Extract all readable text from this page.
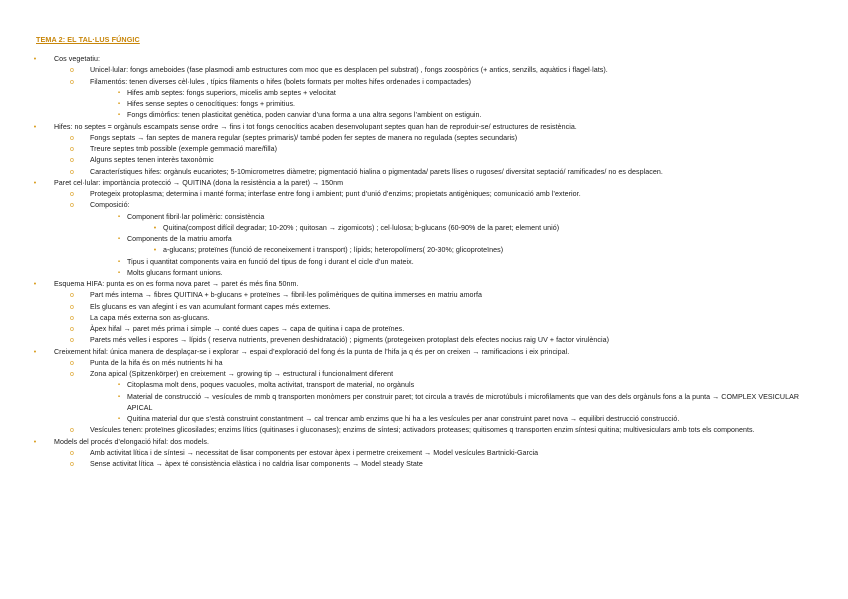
TEMA 2: EL TAL·LUS FÚNGIC
•	Cos vegetatiu:
o	Unicel·lular: fongs ameboides (fase plasmodi amb estructures com moc que es desplacen pel substrat) , fongs zoospòrics (+ antics, senzills, aquàtics i flagel·lats).
o	Filamentós: tenen diverses cèl·lules , típics filaments o hifes (bolets formats per moltes hifes ordenades i compactades)
▪ Hifes amb septes: fongs superiors, micelis amb septes + velocitat
▪ Hifes sense septes o cenocítiques: fongs + primitius.
▪ Fongs dimòrfics: tenen plasticitat genètica, poden canviar d’una forma a una altra segons l’ambient on estiguin.
•	Hifes: no septes = orgànuls escampats sense ordre → fins i tot fongs cenocítics acaben desenvolupant septes quan han de reproduir-se/ estructures de resistència.
o	Fongs septats → fan septes de manera regular (septes primaris)/ també poden fer septes de manera no regulada (septes secundaris)
o	Treure septes tmb possible (exemple gemmació mare/filla)
o	Alguns septes tenen interès taxonòmic
o	Característiques hifes: orgànuls eucariotes; 5-10micrometres diàmetre; pigmentació hialina o pigmentada/ parets llises o rugoses/ diversitat septació/ ramificades/ no es desplacen.
•	Paret cel·lular: importància protecció → QUITINA (dona la resistència a la paret) → 150nm
o	Protegeix protoplasma; determina i manté forma; interfase entre fong i ambient; punt d’unió d’enzims; propietats antigèniques; comunicació amb l’exterior.
o	Composició:
▪ Component fibril·lar polimèric: consistència
• Quitina(compost difícil degradar; 10-20% ; quitosan → zigomicots) ; cel·lulosa; b-glucans (60-90% de la paret; element unió)
▪ Components de la matriu amorfa
• a-glucans; proteïnes (funció de reconeixement i transport) ; lípids; heteropolímers( 20-30%; glicoproteïnes)
▪ Tipus i quantitat components vaira en funció del tipus de fong i durant el cicle d’un mateix.
▪ Molts glucans formant unions.
•	Esquema HIFA: punta es on es forma nova paret → paret és més fina 50nm.
o	Part més interna → fibres QUITINA + b-glucans + proteïnes → fibril·les polimèriques de quitina immerses en matriu amorfa
o	Els glucans es van afegint i es van acumulant formant capes més externes.
o	La capa més externa son as-glucans.
o	Àpex hifal → paret més prima i simple → conté dues capes → capa de quitina i capa de proteïnes.
o	Parets més velles i espores → lípids ( reserva nutrients, prevenen deshidratació) ; pigments (protegeixen protoplast dels efectes nocius raig UV + factor virulència)
•	Creixement hifal: única manera de desplaçar-se i explorar → espai d’exploració del fong és la punta de l’hifa ja q és per on creixen → ramificacions i eix principal.
o	Punta de la hifa és on més nutrients hi ha
o	Zona apical (Spitzenkörper) en creixement → growing tip → estructural i funcionalment diferent
▪ Citoplasma molt dens, poques vacuoles, molta activitat, transport de material, no orgànuls
▪ Material de construcció → vesícules de mmb q transporten monòmers per construir paret; tot circula a través de microtúbuls i microfilaments que van des dels orgànuls fons a la punta → COMPLEX VESICULAR APICAL
▪ Quitina material dur que s’està construint constantment → cal trencar amb enzims que hi ha a les vesícules per anar construint paret nova → equilibri destrucció construcció.
o	Vesícules tenen: proteïnes glicosilades; enzims lítics (quitinases i gluconases); enzims de síntesi; activadors proteases; quitisomes q transporten enzim síntesi quitina; multivesiculars amb tots els components.
•	Models del procés d’elongació hifal: dos models.
o	Amb activitat lítica i de síntesi → necessitat de lisar components per estovar àpex i permetre creixement → Model vesícules Bartnicki-Garcia
o	Sense activitat lítica → àpex té consistència elàstica i no caldria lisar components → Model steady State
